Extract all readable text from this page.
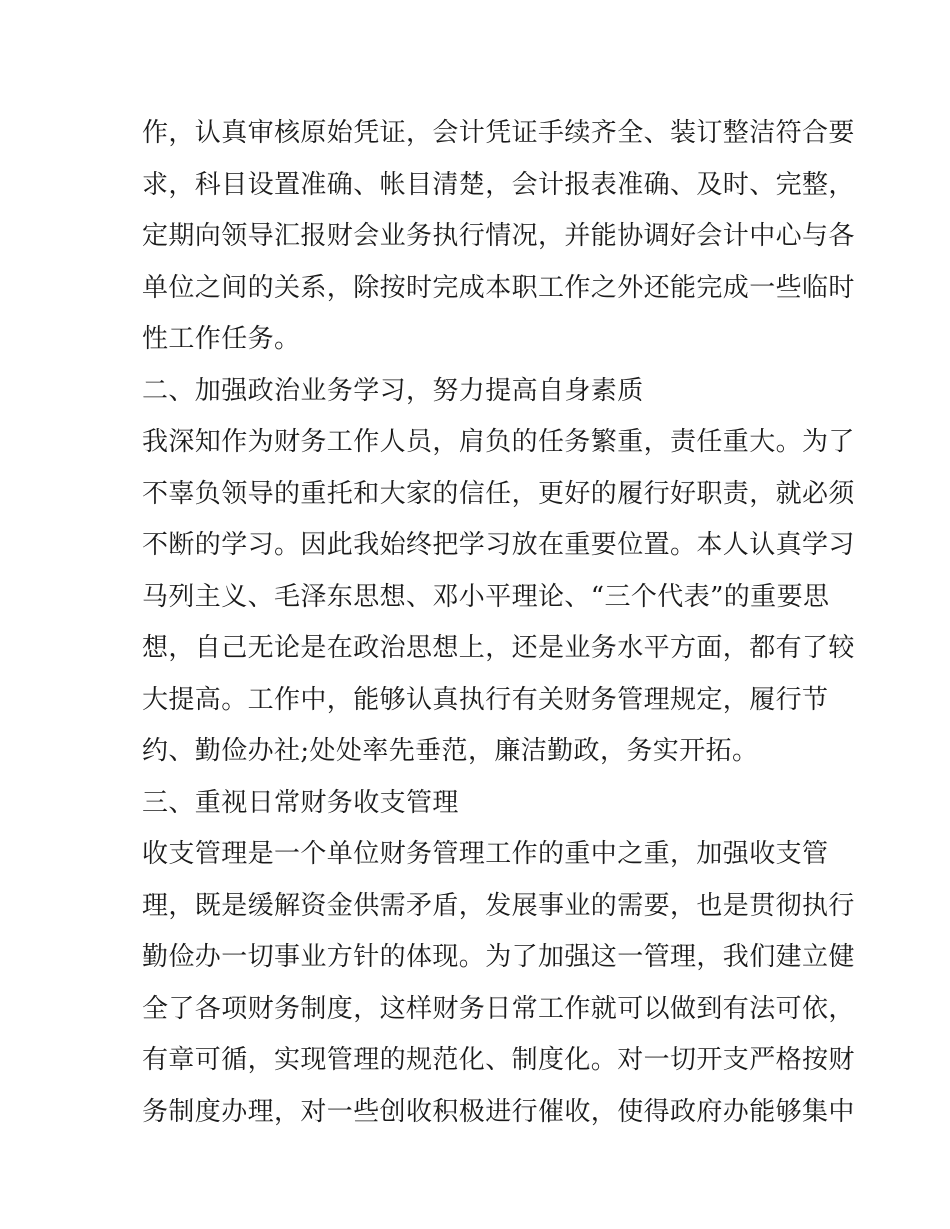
作，认真审核原始凭证，会计凭证手续齐全、装订整洁符合要
求，科目设置准确、帐目清楚，会计报表准确、及时、完整，
定期向领导汇报财会业务执行情况，并能协调好会计中心与各
单位之间的关系，除按时完成本职工作之外还能完成一些临时
性工作任务。
二、加强政治业务学习，努力提高自身素质
我深知作为财务工作人员，肩负的任务繁重，责任重大。为了
不辜负领导的重托和大家的信任，更好的履行好职责，就必须
不断的学习。因此我始终把学习放在重要位置。本人认真学习
马列主义、毛泽东思想、邓小平理论、“三个代表”的重要思
想，自己无论是在政治思想上，还是业务水平方面，都有了较
大提高。工作中，能够认真执行有关财务管理规定，履行节
约、勤俭办社;处处率先垂范，廉洁勤政，务实开拓。
三、重视日常财务收支管理
收支管理是一个单位财务管理工作的重中之重，加强收支管
理，既是缓解资金供需矛盾，发展事业的需要，也是贯彻执行
勤俭办一切事业方针的体现。为了加强这一管理，我们建立健
全了各项财务制度，这样财务日常工作就可以做到有法可依，
有章可循，实现管理的规范化、制度化。对一切开支严格按财
务制度办理，对一些创收积极进行催收，使得政府办能够集中
